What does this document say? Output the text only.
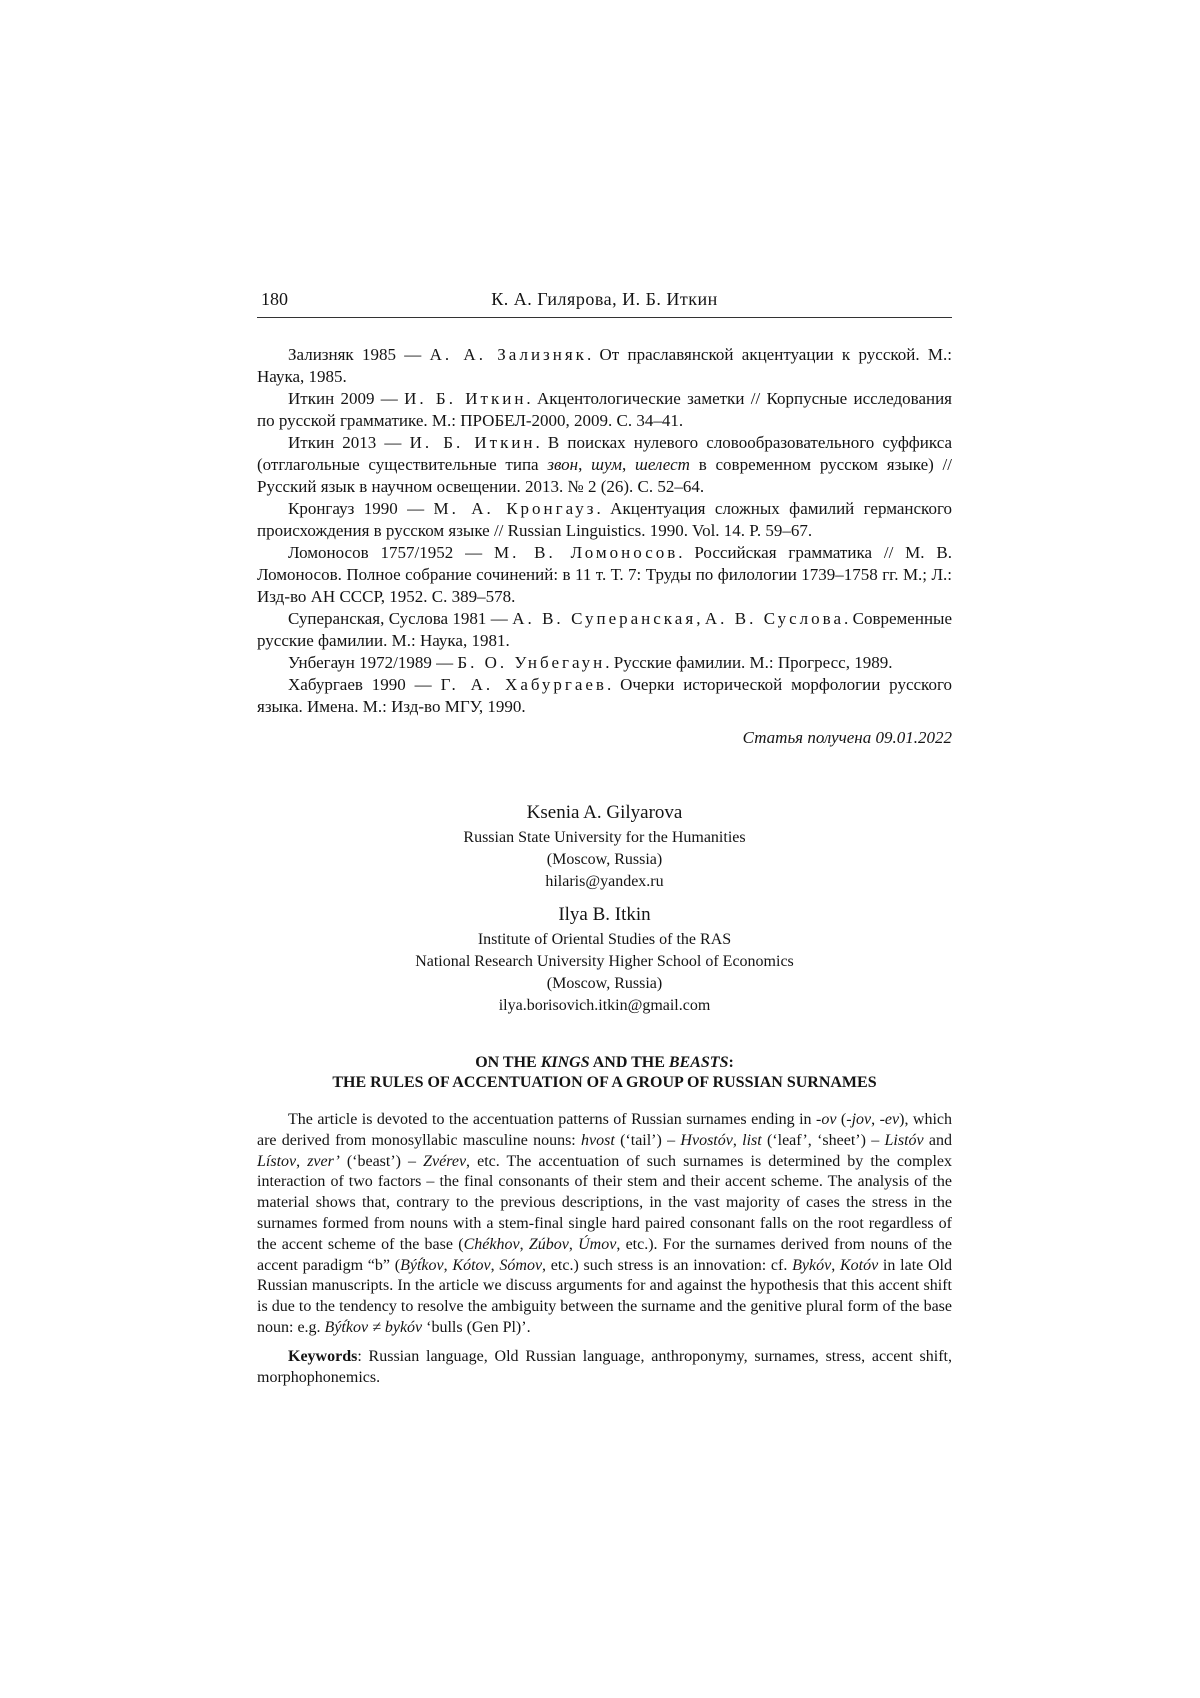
180	К. А. Гилярова, И. Б. Иткин

Зализняк 1985 — А. А. Зализняк. От праславянской акцентуации к русской. М.: Наука, 1985.

Иткин 2009 — И. Б. Иткин. Акцентологические заметки // Корпусные исследования по русской грамматике. М.: ПРОБЕЛ-2000, 2009. С. 34–41.

Иткин 2013 — И. Б. Иткин. В поисках нулевого словообразовательного суффикса (отглагольные существительные типа звон, шум, шелест в современном русском языке) // Русский язык в научном освещении. 2013. № 2 (26). С. 52–64.

Кронгауз 1990 — М. А. Кронгауз. Акцентуация сложных фамилий германского происхождения в русском языке // Russian Linguistics. 1990. Vol. 14. P. 59–67.

Ломоносов 1757/1952 — М. В. Ломоносов. Российская грамматика // М. В. Ломоносов. Полное собрание сочинений: в 11 т. Т. 7: Труды по филологии 1739–1758 гг. М.; Л.: Изд-во АН СССР, 1952. С. 389–578.

Суперанская, Суслова 1981 — А. В. Суперанская, А. В. Суслова. Современные русские фамилии. М.: Наука, 1981.

Унбегаун 1972/1989 — Б. О. Унбегаун. Русские фамилии. М.: Прогресс, 1989.

Хабургаев 1990 — Г. А. Хабургаев. Очерки исторической морфологии русского языка. Имена. М.: Изд-во МГУ, 1990.

Статья получена 09.01.2022
Ksenia A. Gilyarova
Russian State University for the Humanities
(Moscow, Russia)
hilaris@yandex.ru
Ilya B. Itkin
Institute of Oriental Studies of the RAS
National Research University Higher School of Economics
(Moscow, Russia)
ilya.borisovich.itkin@gmail.com
ON THE KINGS AND THE BEASTS:
THE RULES OF ACCENTUATION OF A GROUP OF RUSSIAN SURNAMES

The article is devoted to the accentuation patterns of Russian surnames ending in -ov (-jov, -ev), which are derived from monosyllabic masculine nouns: hvost (‘tail’) – Hvostóv, list (‘leaf’, ‘sheet’) – Listóv and Lístov, zver’ (‘beast’) – Zvérev, etc. The accentuation of such surnames is determined by the complex interaction of two factors – the final consonants of their stem and their accent scheme. The analysis of the material shows that, contrary to the previous descriptions, in the vast majority of cases the stress in the surnames formed from nouns with a stem-final single hard paired consonant falls on the root regardless of the accent scheme of the base (Chékhov, Zúbov, Úmov, etc.). For the surnames derived from nouns of the accent paradigm “b” (Být́kov, Kótov, Sómov, etc.) such stress is an innovation: cf. Bykóv, Kotóv in late Old Russian manuscripts. In the article we discuss arguments for and against the hypothesis that this accent shift is due to the tendency to resolve the ambiguity between the surname and the genitive plural form of the base noun: e.g. Být́kov ≠ bykóv ‘bulls (Gen Pl)’.

Keywords: Russian language, Old Russian language, anthroponymy, surnames, stress, accent shift, morphophonemics.
